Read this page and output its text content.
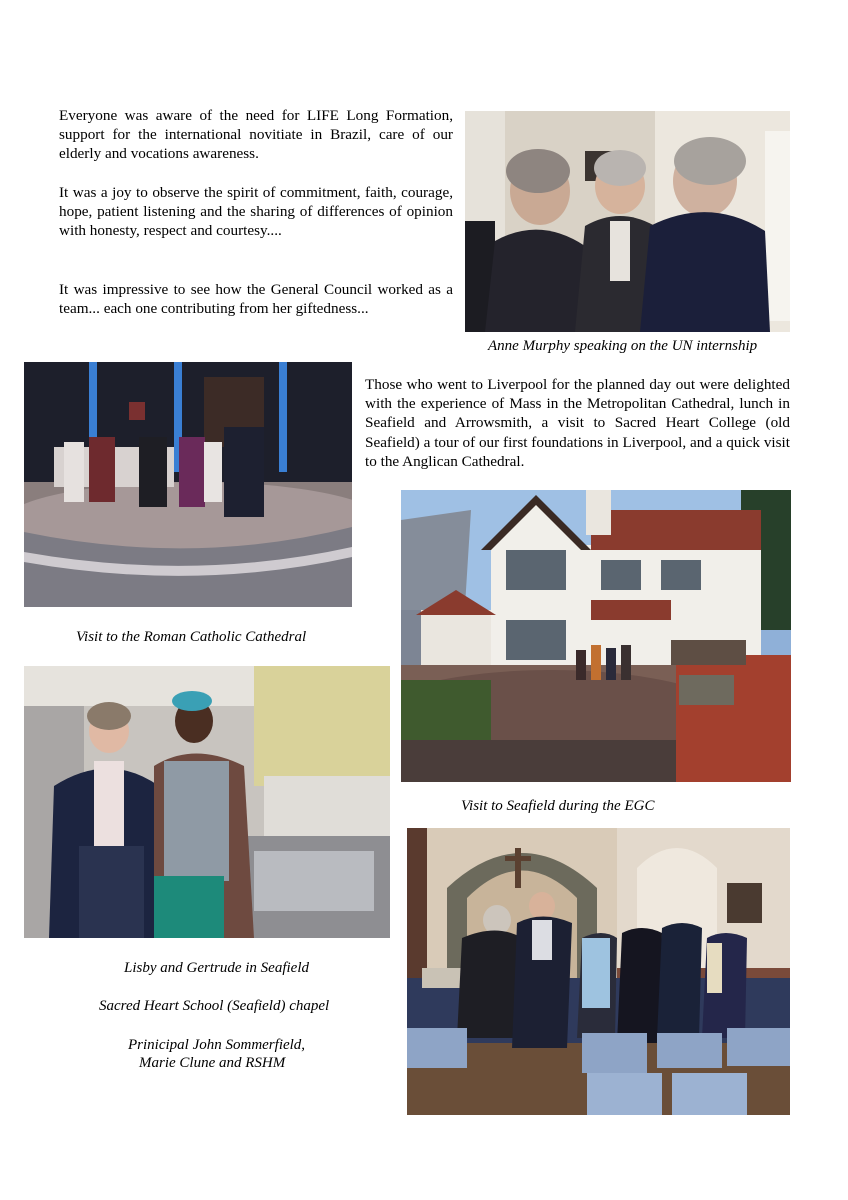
Everyone was aware of the need for LIFE Long Formation, support for the international novitiate in Brazil, care of our elderly and vocations awareness.

It was a joy to observe the spirit of commitment, faith, courage, hope, patient listening and the sharing of differences of opinion with honesty, respect and courtesy....

It was impressive to see how the General Council worked as a team... each one contributing from her giftedness...

Anne Murphy speaking on the UN internship

Visit to the Roman Catholic Cathedral

Those who went to Liverpool for the planned day out were delighted with the experience of Mass in the Metropolitan Cathedral, lunch in Seafield and Arrowsmith, a visit to Sacred Heart College (old Seafield) a tour of our first foundations in Liverpool, and a quick visit to the Anglican Cathedral.

Visit to Seafield during the EGC

Lisby and Gertrude in Seafield

Sacred Heart School (Seafield) chapel

Prinicipal John Sommerfield,

Marie Clune and RSHM
